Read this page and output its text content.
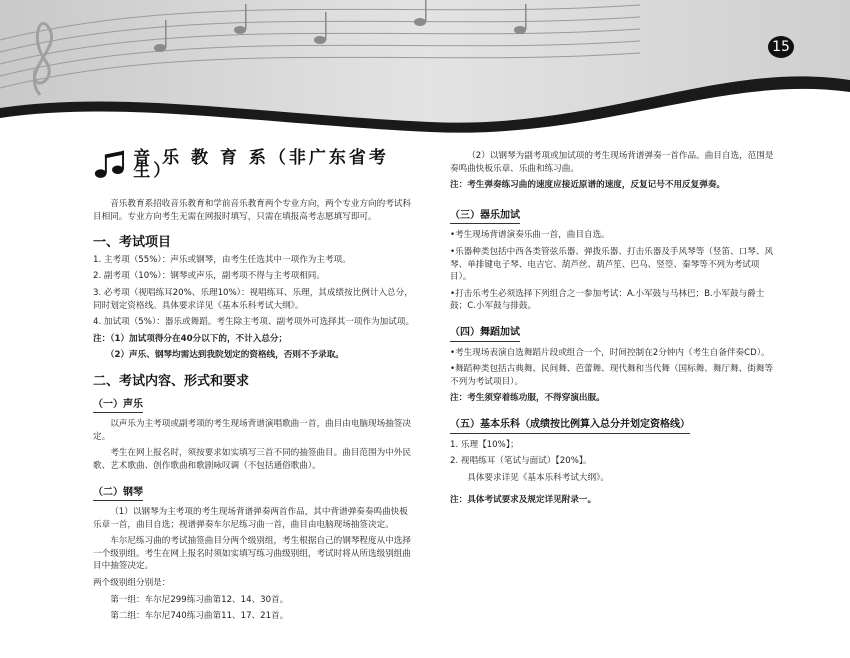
15
音 乐 教 育 系（非广东省考生）

音乐教育系招收音乐教育和学前音乐教育两个专业方向，两个专业方向的考试科目相同。专业方向考生无需在网报时填写，只需在填报高考志愿填写即可。

一、考试项目

1. 主考项（55%）：声乐或钢琴，由考生任选其中一项作为主考项。

2. 副考项（10%）：钢琴或声乐，副考项不得与主考项相同。

3. 必考项（视唱练耳20%、乐理10%）：视唱练耳、乐理，其成绩按比例计入总分，同时划定资格线。具体要求详见《基本乐科考试大纲》。

4. 加试项（5%）：器乐或舞蹈。考生除主考项、副考项外可选择其一项作为加试项。

注：（1）加试项得分在40分以下的，不计入总分；

（2）声乐、钢琴均需达到我院划定的资格线，否则不予录取。

二、考试内容、形式和要求
（一）声乐

以声乐为主考项或副考项的考生现场背谱演唱歌曲一首，曲目由电脑现场抽签决定。

考生在网上报名时，须按要求如实填写三首不同的抽签曲目。曲目范围为中外民歌、艺术歌曲、创作歌曲和歌剧咏叹调（不包括通俗歌曲）。

（二）钢琴

（1）以钢琴为主考项的考生现场背谱弹奏两首作品，其中背谱弹奏奏鸣曲快板乐章一首，曲目自选；视谱弹奏车尔尼练习曲一首，曲目由电脑现场抽签决定。

车尔尼练习曲的考试抽签曲目分两个级别组，考生根据自己的钢琴程度从中选择一个级别组。考生在网上报名时须如实填写练习曲级别组，考试时将从所选级别组曲目中抽签决定。

两个级别组分别是：

第一组：车尔尼299练习曲第12、14、30首。

第二组：车尔尼740练习曲第11、17、21首。

（2）以钢琴为副考项或加试项的考生现场背谱弹奏一首作品。曲目自选，范围是奏鸣曲快板乐章、乐曲和练习曲。

注：考生弹奏练习曲的速度应接近原谱的速度，反复记号不用反复弹奏。

（三）器乐加试

•考生现场背谱演奏乐曲一首，曲目自选。

•乐器种类包括中西各类管弦乐器、弹拨乐器、打击乐器及手风琴等（竖笛、口琴、风琴、单排键电子琴、电吉它、葫芦丝、葫芦笙、巴乌、竖箜、秦琴等不列为考试项目）。

•打击乐考生必须选择下列组合之一参加考试：A.小军鼓与马林巴；B.小军鼓与爵士鼓；C.小军鼓与排鼓。

（四）舞蹈加试

•考生现场表演自选舞蹈片段或组合一个，时间控制在2分钟内（考生自备伴奏CD）。

•舞蹈种类包括古典舞、民间舞、芭蕾舞、现代舞和当代舞（国标舞、舞厅舞、街舞等不列为考试项目）。

注：考生须穿着练功服，不得穿演出服。

（五）基本乐科（成绩按比例算入总分并划定资格线）

1. 乐理【10%】；

2. 视唱练耳（笔试与面试）【20%】。

具体要求详见《基本乐科考试大纲》。

注：具体考试要求及规定详见附录一。
